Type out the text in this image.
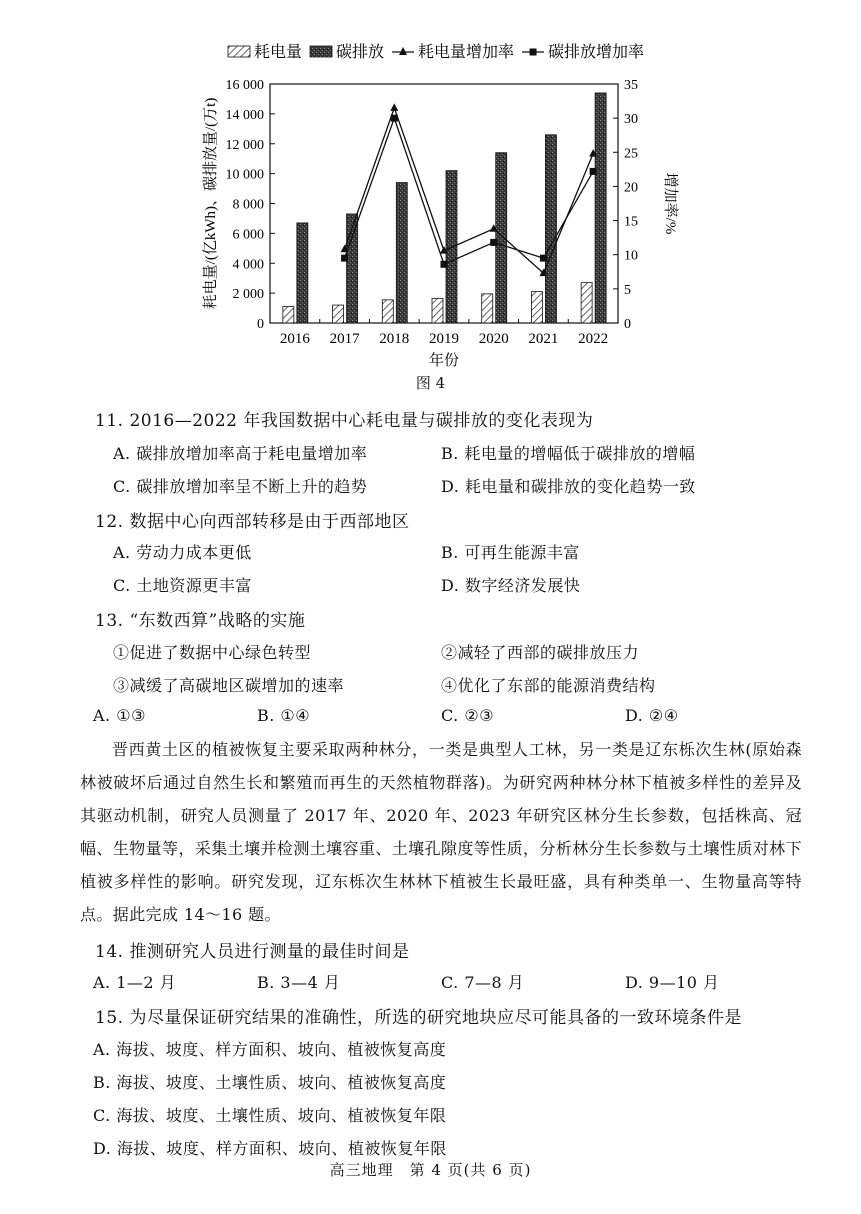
耗电量 碳排放 耗电量增加率 碳排放增加率
0
2 000
4 000
6 000
8 000
10 000
12 000
14 000
16 000
0
5
10
15
20
25
30
35
2016 2017 2018 2019 2020 2021 2022
年份
耗电量/(亿kWh)、碳排放量/(万t)	增加率/%
图 4
11. 2016—2022 年我国数据中心耗电量与碳排放的变化表现为
A. 碳排放增加率高于耗电量增加率	B. 耗电量的增幅低于碳排放的增幅
C. 碳排放增加率呈不断上升的趋势	D. 耗电量和碳排放的变化趋势一致
12. 数据中心向西部转移是由于西部地区
A. 劳动力成本更低	B. 可再生能源丰富
C. 土地资源更丰富	D. 数字经济发展快
13. “东数西算”战略的实施
①促进了数据中心绿色转型	②减轻了西部的碳排放压力
③减缓了高碳地区碳增加的速率	④优化了东部的能源消费结构
A. ①③	B. ①④	C. ②③	D. ②④
晋西黄土区的植被恢复主要采取两种林分，一类是典型人工林，另一类是辽东栎次生林(原始森林被破坏后通过自然生长和繁殖而再生的天然植物群落)。为研究两种林分林下植被多样性的差异及其驱动机制，研究人员测量了 2017 年、2020 年、2023 年研究区林分生长参数，包括株高、冠幅、生物量等，采集土壤并检测土壤容重、土壤孔隙度等性质，分析林分生长参数与土壤性质对林下植被多样性的影响。研究发现，辽东栎次生林林下植被生长最旺盛，具有种类单一、生物量高等特点。据此完成 14～16 题。
14. 推测研究人员进行测量的最佳时间是
A. 1—2 月	B. 3—4 月	C. 7—8 月	D. 9—10 月
15. 为尽量保证研究结果的准确性，所选的研究地块应尽可能具备的一致环境条件是
A. 海拔、坡度、样方面积、坡向、植被恢复高度
B. 海拔、坡度、土壤性质、坡向、植被恢复高度
C. 海拔、坡度、土壤性质、坡向、植被恢复年限
D. 海拔、坡度、样方面积、坡向、植被恢复年限
高三地理　第 4 页(共 6 页)
